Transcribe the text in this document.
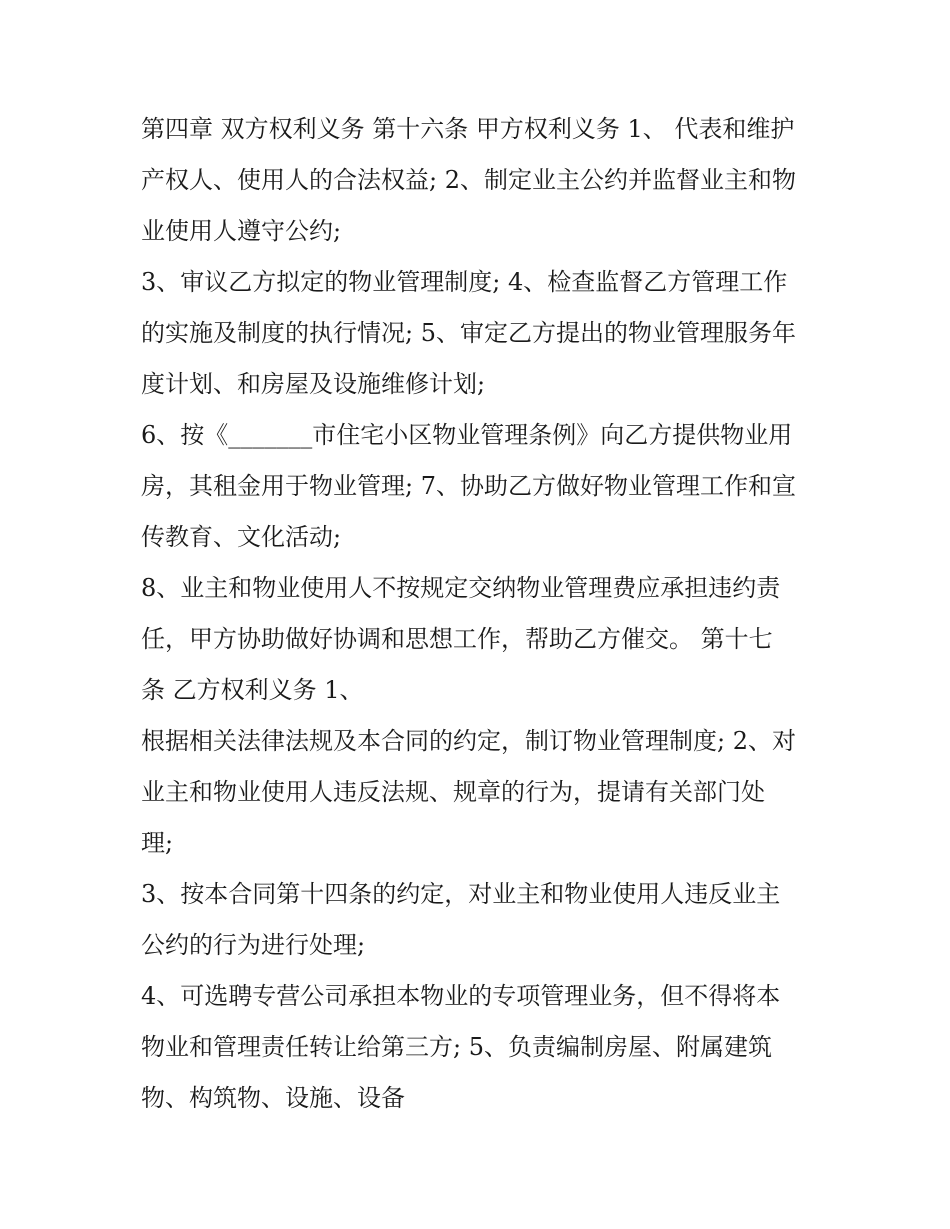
第四章 双方权利义务 第十六条 甲方权利义务 1、 代表和维护
产权人、使用人的合法权益; 2、制定业主公约并监督业主和物
业使用人遵守公约;
3、审议乙方拟定的物业管理制度; 4、检查监督乙方管理工作
的实施及制度的执行情况; 5、审定乙方提出的物业管理服务年
度计划、和房屋及设施维修计划;
6、按《_______市住宅小区物业管理条例》向乙方提供物业用
房，其租金用于物业管理; 7、协助乙方做好物业管理工作和宣
传教育、文化活动;
8、业主和物业使用人不按规定交纳物业管理费应承担违约责
任，甲方协助做好协调和思想工作，帮助乙方催交。 第十七
条 乙方权利义务 1、
根据相关法律法规及本合同的约定，制订物业管理制度; 2、对
业主和物业使用人违反法规、规章的行为，提请有关部门处
理;
3、按本合同第十四条的约定，对业主和物业使用人违反业主
公约的行为进行处理;
4、可选聘专营公司承担本物业的专项管理业务，但不得将本
物业和管理责任转让给第三方; 5、负责编制房屋、附属建筑
物、构筑物、设施、设备
